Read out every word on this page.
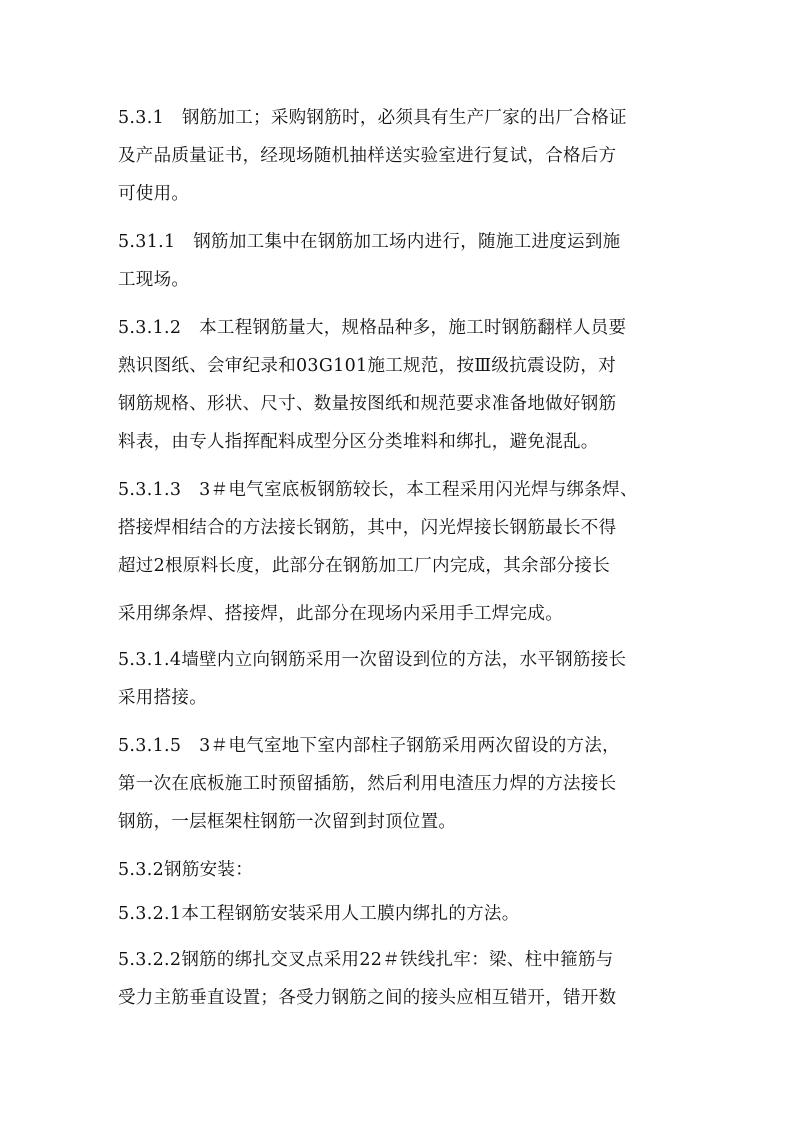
5.3.1　钢筋加工；采购钢筋时，必须具有生产厂家的出厂合格证
及产品质量证书，经现场随机抽样送实验室进行复试，合格后方
可使用。
5.31.1　钢筋加工集中在钢筋加工场内进行，随施工进度运到施
工现场。
5.3.1.2　本工程钢筋量大，规格品种多，施工时钢筋翻样人员要
熟识图纸、会审纪录和03G101施工规范，按Ⅲ级抗震设防，对
钢筋规格、形状、尺寸、数量按图纸和规范要求准备地做好钢筋
料表，由专人指挥配料成型分区分类堆料和绑扎，避免混乱。
5.3.1.3　3＃电气室底板钢筋较长，本工程采用闪光焊与绑条焊、
搭接焊相结合的方法接长钢筋，其中，闪光焊接长钢筋最长不得
超过2根原料长度，此部分在钢筋加工厂内完成，其余部分接长
采用绑条焊、搭接焊，此部分在现场内采用手工焊完成。
5.3.1.4墙壁内立向钢筋采用一次留设到位的方法，水平钢筋接长
采用搭接。
5.3.1.5　3＃电气室地下室内部柱子钢筋采用两次留设的方法，
第一次在底板施工时预留插筋，然后利用电渣压力焊的方法接长
钢筋，一层框架柱钢筋一次留到封顶位置。
5.3.2钢筋安装：
5.3.2.1本工程钢筋安装采用人工膜内绑扎的方法。
5.3.2.2钢筋的绑扎交叉点采用22＃铁线扎牢：梁、柱中箍筋与
受力主筋垂直设置；各受力钢筋之间的接头应相互错开，错开数
